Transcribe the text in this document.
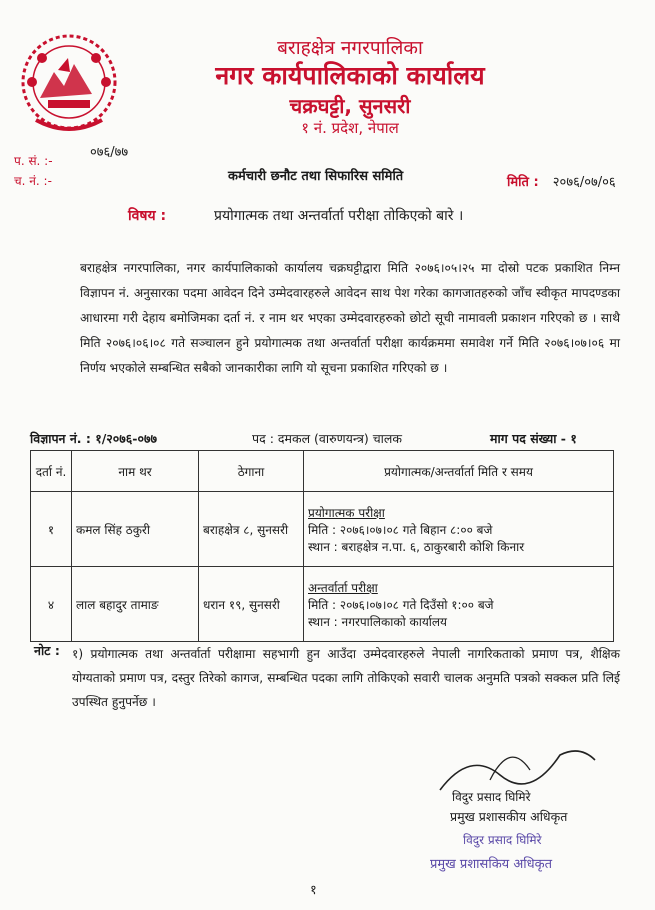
बराहक्षेत्र नगरपालिका
नगर कार्यपालिकाको कार्यालय
चक्रघट्टी, सुनसरी
१ नं. प्रदेश, नेपाल
०७६/७७
प. सं. :-
च. नं. :-	कर्मचारी छनौट तथा सिफारिस समिति	मिति : २०७६/०७/०६
विषय :	प्रयोगात्मक तथा अन्तर्वार्ता परीक्षा तोकिएको बारे ।
बराहक्षेत्र नगरपालिका, नगर कार्यपालिकाको कार्यालय चक्रघट्टीद्वारा मिति २०७६।०५।२५ मा दोस्रो पटक प्रकाशित निम्न विज्ञापन नं. अनुसारका पदमा आवेदन दिने उम्मेदवारहरुले आवेदन साथ पेश गरेका कागजातहरुको जाँच स्वीकृत मापदण्डका आधारमा गरी देहाय बमोजिमका दर्ता नं. र नाम थर भएका उम्मेदवारहरुको छोटो सूची नामावली प्रकाशन गरिएको छ । साथै मिति २०७६।०६।०८ गते सञ्चालन हुने प्रयोगात्मक तथा अन्तर्वार्ता परीक्षा कार्यक्रममा समावेश गर्ने मिति २०७६।०७।०६ मा निर्णय भएकोले सम्बन्धित सबैको जानकारीका लागि यो सूचना प्रकाशित गरिएको छ ।
विज्ञापन नं. : १/२०७६-०७७	पद : दमकल (वारुणयन्त्र) चालक	माग पद संख्या - १
दर्ता नं.	नाम थर	ठेगाना	प्रयोगात्मक/अन्तर्वार्ता मिति र समय
१	कमल सिंह ठकुरी	बराहक्षेत्र ८, सुनसरी	प्रयोगात्मक परीक्षा
मिति : २०७६।०७।०८ गते बिहान ८:०० बजे
स्थान : बराहक्षेत्र न.पा. ६, ठाकुरबारी कोशि किनार

४	लाल बहादुर तामाङ	धरान १९, सुनसरी	अन्तर्वार्ता परीक्षा
मिति : २०७६।०७।०८ गते दिउँसो १:०० बजे
स्थान : नगरपालिकाको कार्यालय
नोट : १) प्रयोगात्मक तथा अन्तर्वार्ता परीक्षामा सहभागी हुन आउँदा उम्मेदवारहरुले नेपाली नागरिकताको प्रमाण पत्र, शैक्षिक योग्यताको प्रमाण पत्र, दस्तुर तिरेको कागज, सम्बन्धित पदका लागि तोकिएको सवारी चालक अनुमति पत्रको सक्कल प्रति लिई उपस्थित हुनुपर्नेछ ।
विदुर प्रसाद घिमिरे
प्रमुख प्रशासकीय अधिकृत
विदुर प्रसाद घिमिरे
प्रमुख प्रशासकिय अधिकृत
१
